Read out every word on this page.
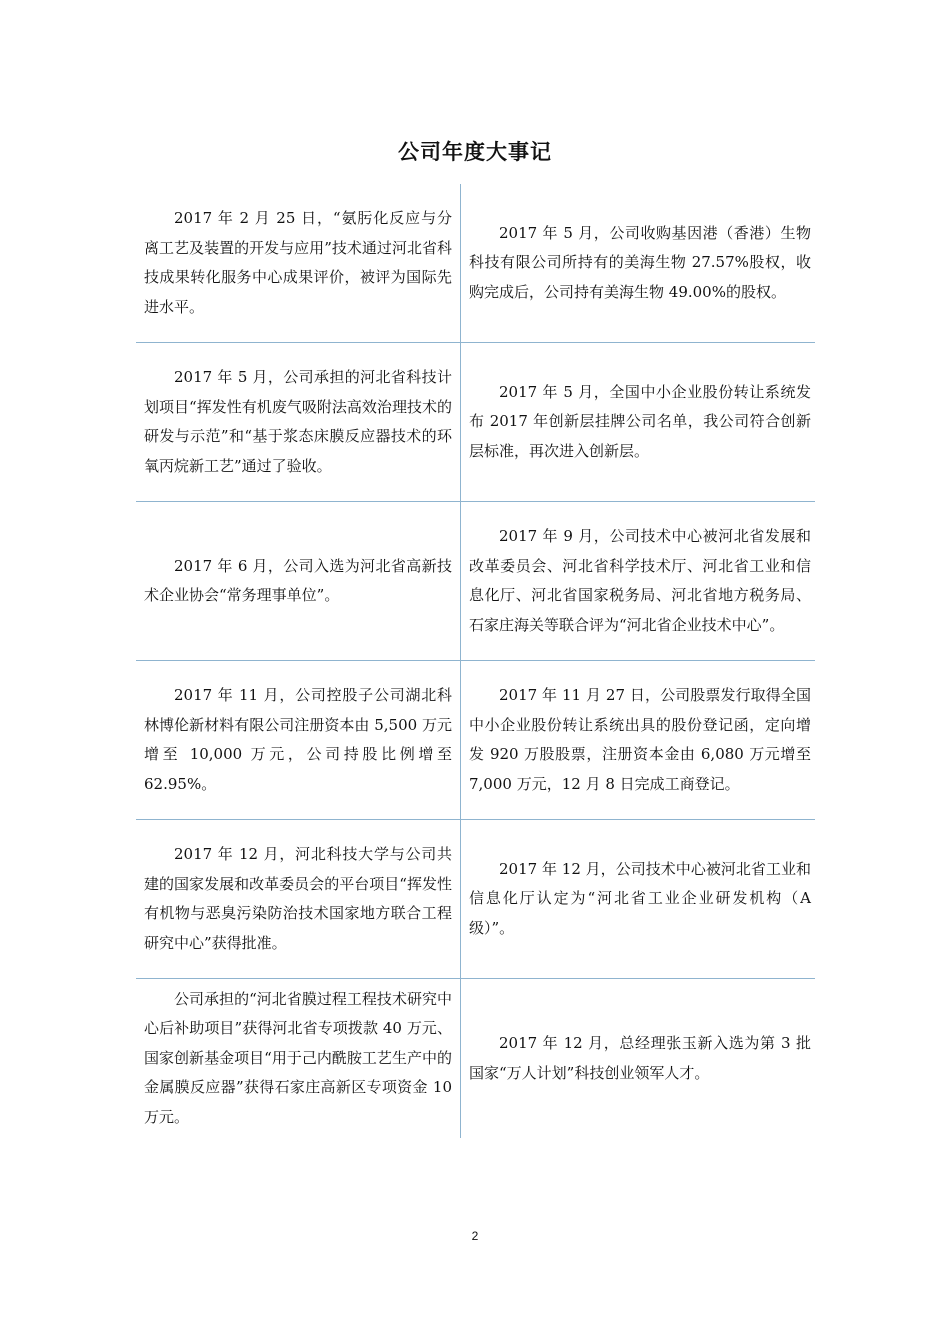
公司年度大事记

2017 年 2 月 25 日，“氨肟化反应与分离工艺及装置的开发与应用”技术通过河北省科技成果转化服务中心成果评价，被评为国际先进水平。

2017 年 5 月，公司收购基因港（香港）生物科技有限公司所持有的美海生物 27.57%股权，收购完成后，公司持有美海生物 49.00%的股权。

2017 年 5 月，公司承担的河北省科技计划项目“挥发性有机废气吸附法高效治理技术的研发与示范”和“基于浆态床膜反应器技术的环氧丙烷新工艺”通过了验收。

2017 年 5 月，全国中小企业股份转让系统发布 2017 年创新层挂牌公司名单，我公司符合创新层标准，再次进入创新层。

2017 年 6 月，公司入选为河北省高新技术企业协会“常务理事单位”。

2017 年 9 月，公司技术中心被河北省发展和改革委员会、河北省科学技术厅、河北省工业和信息化厅、河北省国家税务局、河北省地方税务局、石家庄海关等联合评为“河北省企业技术中心”。

2017 年 11 月，公司控股子公司湖北科林博伦新材料有限公司注册资本由 5,500 万元增至 10,000 万元，公司持股比例增至 62.95%。

2017 年 11 月 27 日，公司股票发行取得全国中小企业股份转让系统出具的股份登记函，定向增发 920 万股股票，注册资本金由 6,080 万元增至 7,000 万元，12 月 8 日完成工商登记。

2017 年 12 月，河北科技大学与公司共建的国家发展和改革委员会的平台项目“挥发性有机物与恶臭污染防治技术国家地方联合工程研究中心”获得批准。

2017 年 12 月，公司技术中心被河北省工业和信息化厅认定为“河北省工业企业研发机构（A 级）”。

公司承担的“河北省膜过程工程技术研究中心后补助项目”获得河北省专项拨款 40 万元、国家创新基金项目“用于己内酰胺工艺生产中的金属膜反应器”获得石家庄高新区专项资金 10 万元。

2017 年 12 月，总经理张玉新入选为第 3 批国家“万人计划”科技创业领军人才。

2
